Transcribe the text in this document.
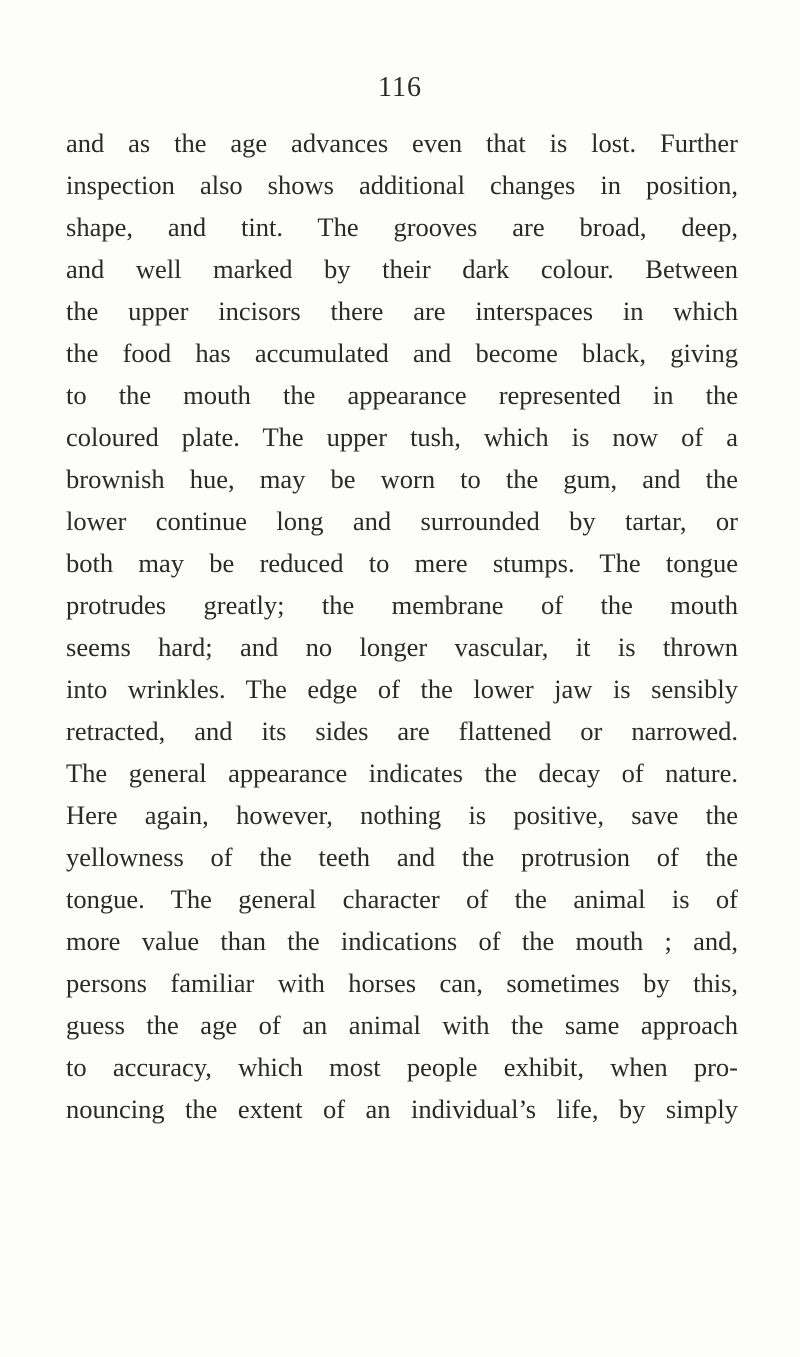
116
and as the age advances even that is lost. Further
inspection also shows additional changes in position,
shape, and tint. The grooves are broad, deep,
and well marked by their dark colour. Between
the upper incisors there are interspaces in which
the food has accumulated and become black, giving
to the mouth the appearance represented in the
coloured plate. The upper tush, which is now of a
brownish hue, may be worn to the gum, and the
lower continue long and surrounded by tartar, or
both may be reduced to mere stumps. The tongue
protrudes greatly; the membrane of the mouth
seems hard; and no longer vascular, it is thrown
into wrinkles. The edge of the lower jaw is sensibly
retracted, and its sides are flattened or narrowed.
The general appearance indicates the decay of nature.
Here again, however, nothing is positive, save the
yellowness of the teeth and the protrusion of the
tongue. The general character of the animal is of
more value than the indications of the mouth ; and,
persons familiar with horses can, sometimes by this,
guess the age of an animal with the same approach
to accuracy, which most people exhibit, when pro-
nouncing the extent of an individual’s life, by simply
